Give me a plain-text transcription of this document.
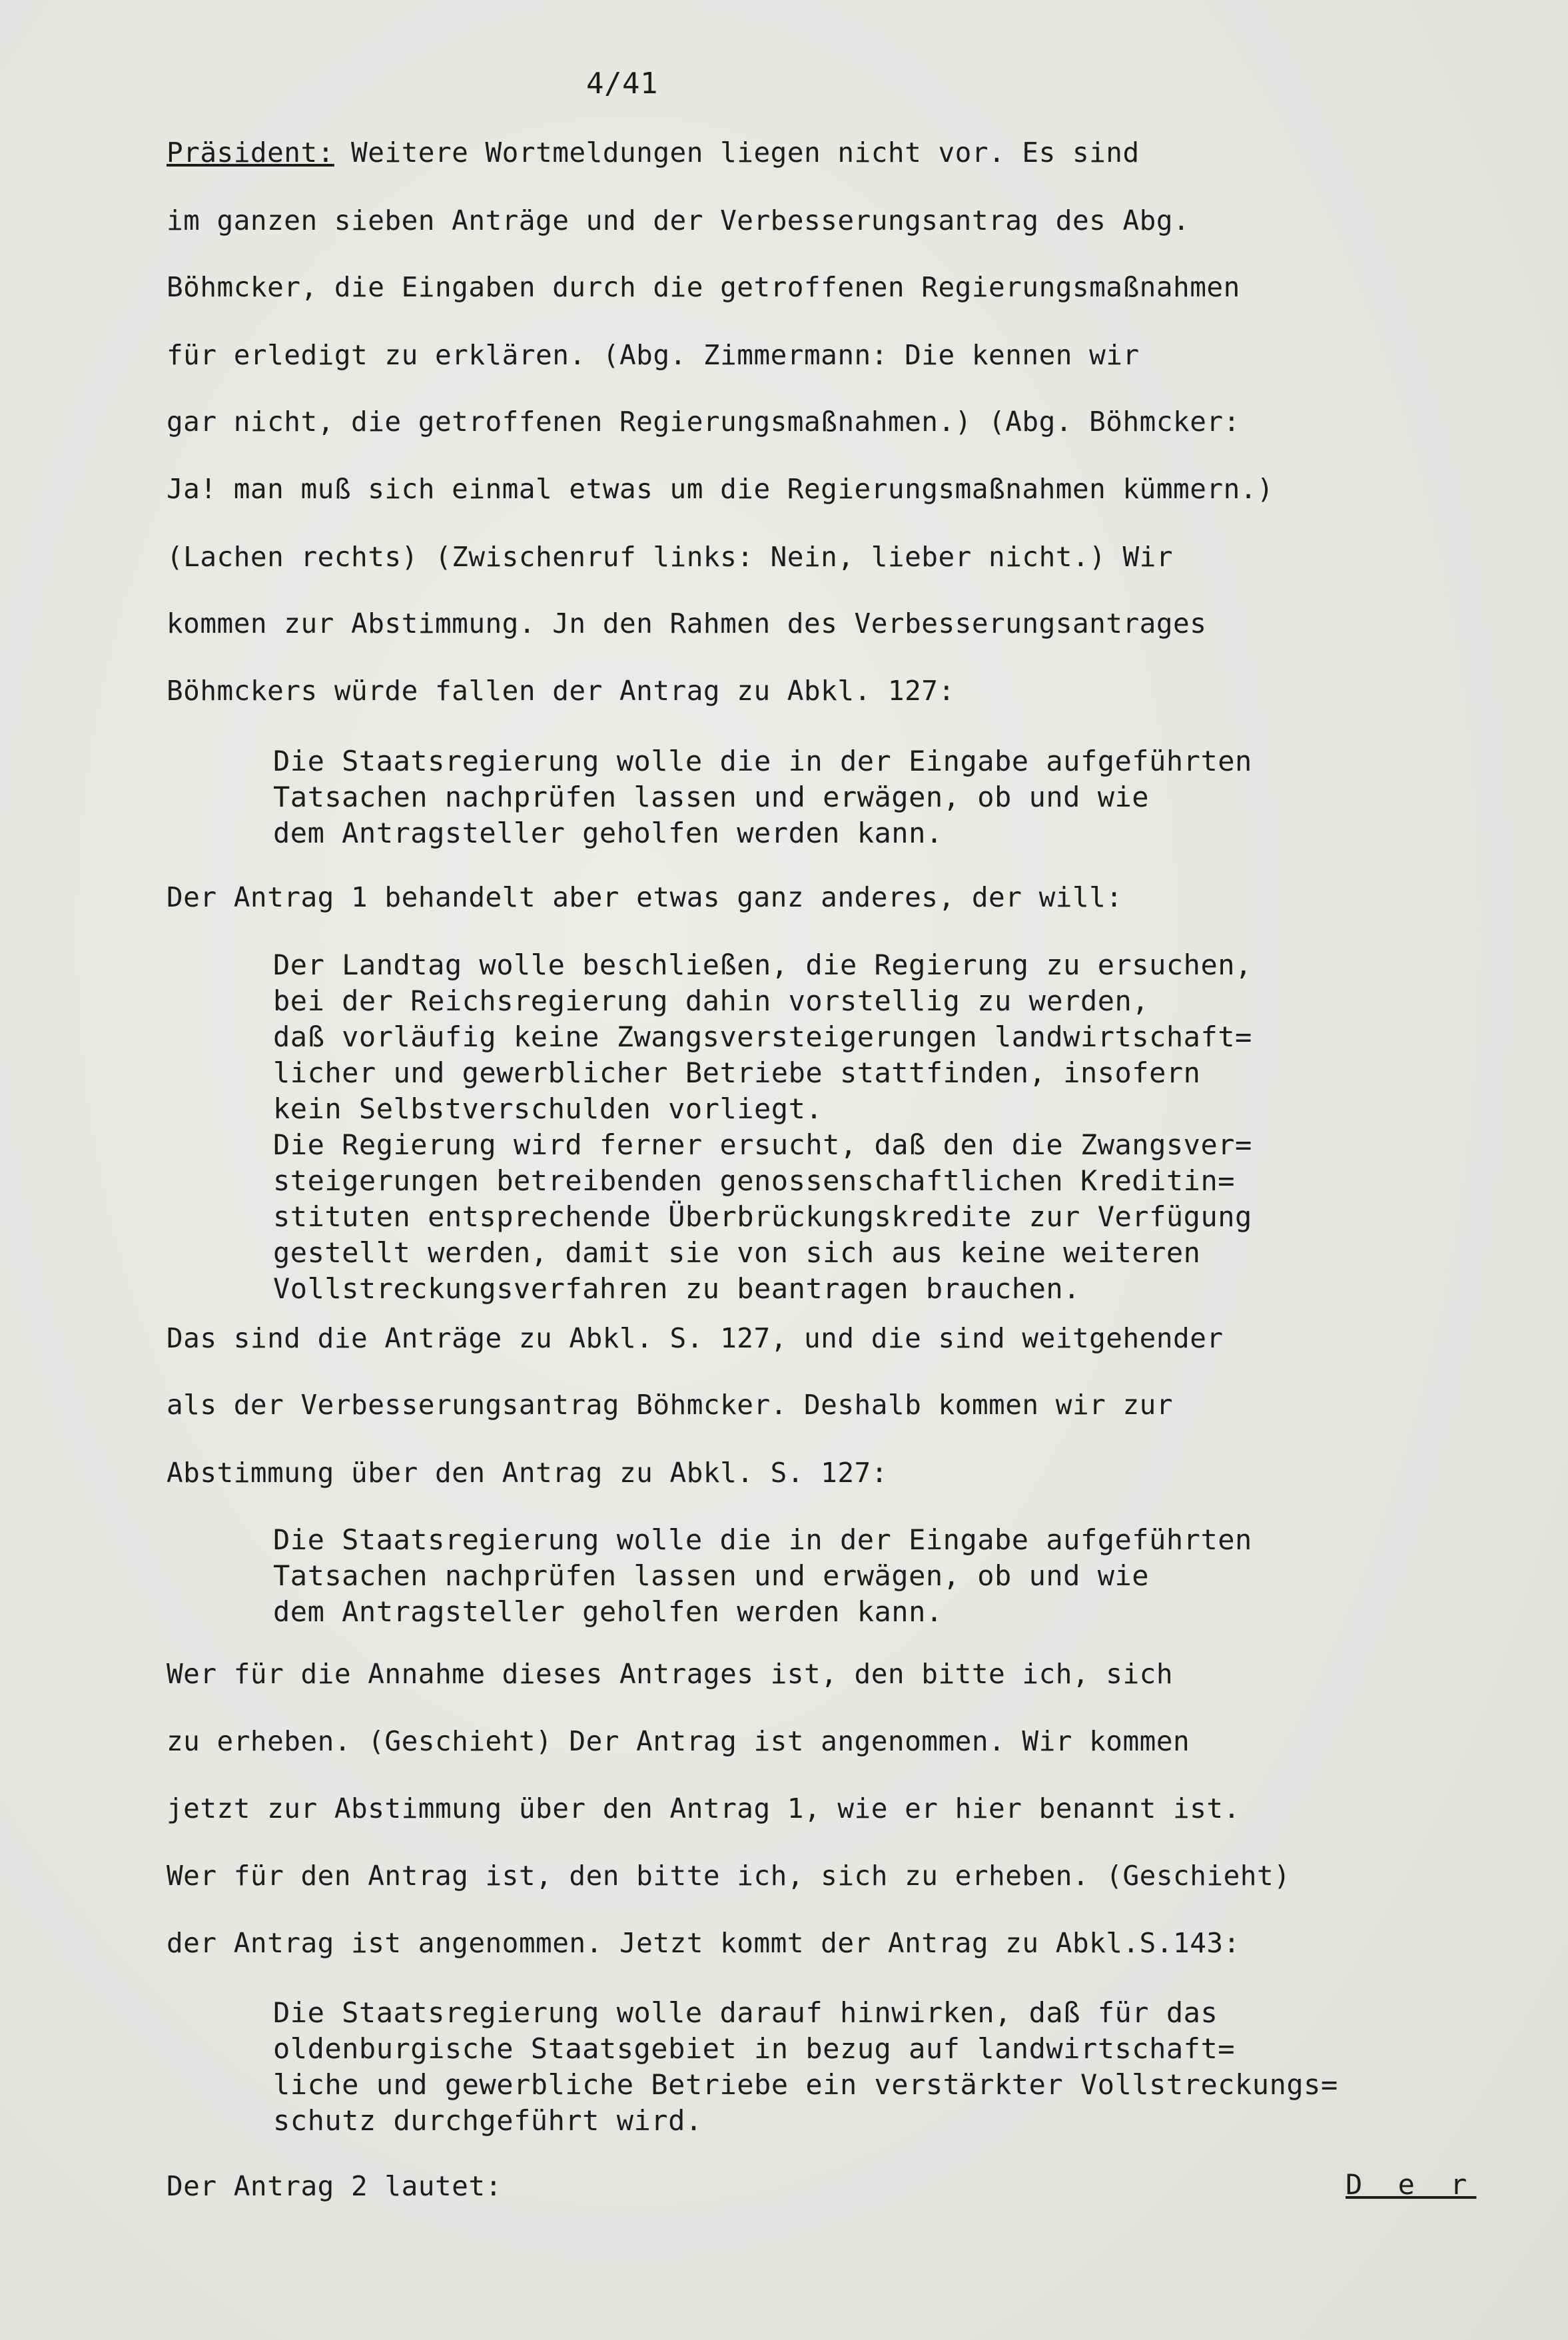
4/41
Präsident: Weitere Wortmeldungen liegen nicht vor. Es sind
im ganzen sieben Anträge und der Verbesserungsantrag des Abg.
Böhmcker, die Eingaben durch die getroffenen Regierungsmaßnahmen
für erledigt zu erklären. (Abg. Zimmermann: Die kennen wir
gar nicht, die getroffenen Regierungsmaßnahmen.) (Abg. Böhmcker:
Ja! man muß sich einmal etwas um die Regierungsmaßnahmen kümmern.)
(Lachen rechts) (Zwischenruf links: Nein, lieber nicht.) Wir
kommen zur Abstimmung. Jn den Rahmen des Verbesserungsantrages
Böhmckers würde fallen der Antrag zu Abkl. 127:
Die Staatsregierung wolle die in der Eingabe aufgeführten
Tatsachen nachprüfen lassen und erwägen, ob und wie
dem Antragsteller geholfen werden kann.
Der Antrag 1 behandelt aber etwas ganz anderes, der will:
Der Landtag wolle beschließen, die Regierung zu ersuchen,
bei der Reichsregierung dahin vorstellig zu werden,
daß vorläufig keine Zwangsversteigerungen landwirtschaft=
licher und gewerblicher Betriebe stattfinden, insofern
kein Selbstverschulden vorliegt.
Die Regierung wird ferner ersucht, daß den die Zwangsver=
steigerungen betreibenden genossenschaftlichen Kreditin=
stituten entsprechende Überbrückungskredite zur Verfügung
gestellt werden, damit sie von sich aus keine weiteren
Vollstreckungsverfahren zu beantragen brauchen.
Das sind die Anträge zu Abkl. S. 127, und die sind weitgehender
als der Verbesserungsantrag Böhmcker. Deshalb kommen wir zur
Abstimmung über den Antrag zu Abkl. S. 127:
Die Staatsregierung wolle die in der Eingabe aufgeführten
Tatsachen nachprüfen lassen und erwägen, ob und wie
dem Antragsteller geholfen werden kann.
Wer für die Annahme dieses Antrages ist, den bitte ich, sich
zu erheben. (Geschieht) Der Antrag ist angenommen. Wir kommen
jetzt zur Abstimmung über den Antrag 1, wie er hier benannt ist.
Wer für den Antrag ist, den bitte ich, sich zu erheben. (Geschieht)
der Antrag ist angenommen. Jetzt kommt der Antrag zu Abkl.S.143:
Die Staatsregierung wolle darauf hinwirken, daß für das
oldenburgische Staatsgebiet in bezug auf landwirtschaft=
liche und gewerbliche Betriebe ein verstärkter Vollstreckungs=
schutz durchgeführt wird.
Der Antrag 2 lautet:	D e r
